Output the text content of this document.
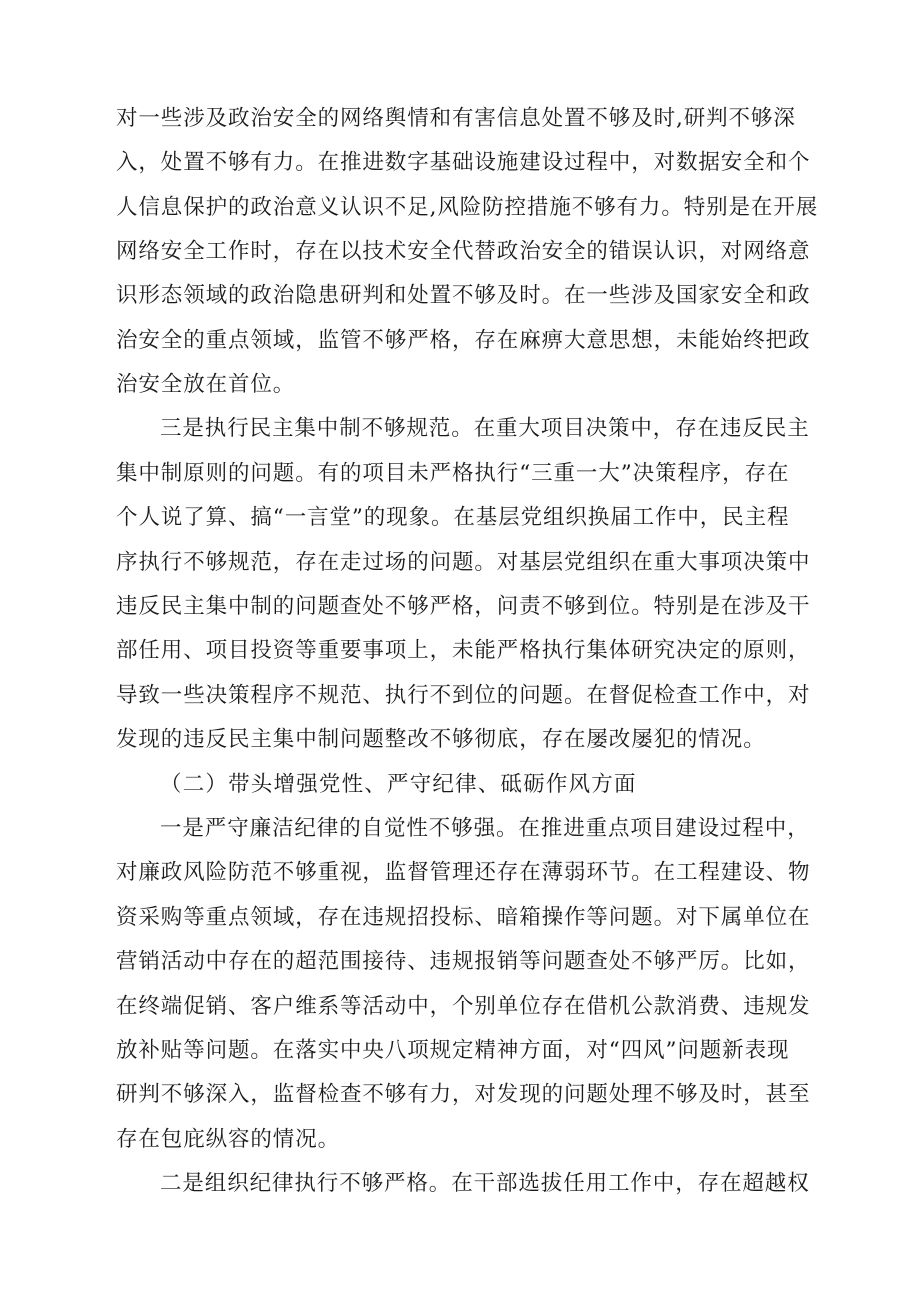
对一些涉及政治安全的网络舆情和有害信息处置不够及时,研判不够深
入，处置不够有力。在推进数字基础设施建设过程中，对数据安全和个
人信息保护的政治意义认识不足,风险防控措施不够有力。特别是在开展
网络安全工作时，存在以技术安全代替政治安全的错误认识，对网络意
识形态领域的政治隐患研判和处置不够及时。在一些涉及国家安全和政
治安全的重点领域，监管不够严格，存在麻痹大意思想，未能始终把政
治安全放在首位。
三是执行民主集中制不够规范。在重大项目决策中，存在违反民主
集中制原则的问题。有的项目未严格执行“三重一大”决策程序，存在
个人说了算、搞“一言堂”的现象。在基层党组织换届工作中，民主程
序执行不够规范，存在走过场的问题。对基层党组织在重大事项决策中
违反民主集中制的问题查处不够严格，问责不够到位。特别是在涉及干
部任用、项目投资等重要事项上，未能严格执行集体研究决定的原则，
导致一些决策程序不规范、执行不到位的问题。在督促检查工作中，对
发现的违反民主集中制问题整改不够彻底，存在屡改屡犯的情况。
（二）带头增强党性、严守纪律、砥砺作风方面
一是严守廉洁纪律的自觉性不够强。在推进重点项目建设过程中，
对廉政风险防范不够重视，监督管理还存在薄弱环节。在工程建设、物
资采购等重点领域，存在违规招投标、暗箱操作等问题。对下属单位在
营销活动中存在的超范围接待、违规报销等问题查处不够严厉。比如，
在终端促销、客户维系等活动中，个别单位存在借机公款消费、违规发
放补贴等问题。在落实中央八项规定精神方面，对“四风”问题新表现
研判不够深入，监督检查不够有力，对发现的问题处理不够及时，甚至
存在包庇纵容的情况。
二是组织纪律执行不够严格。在干部选拔任用工作中，存在超越权
